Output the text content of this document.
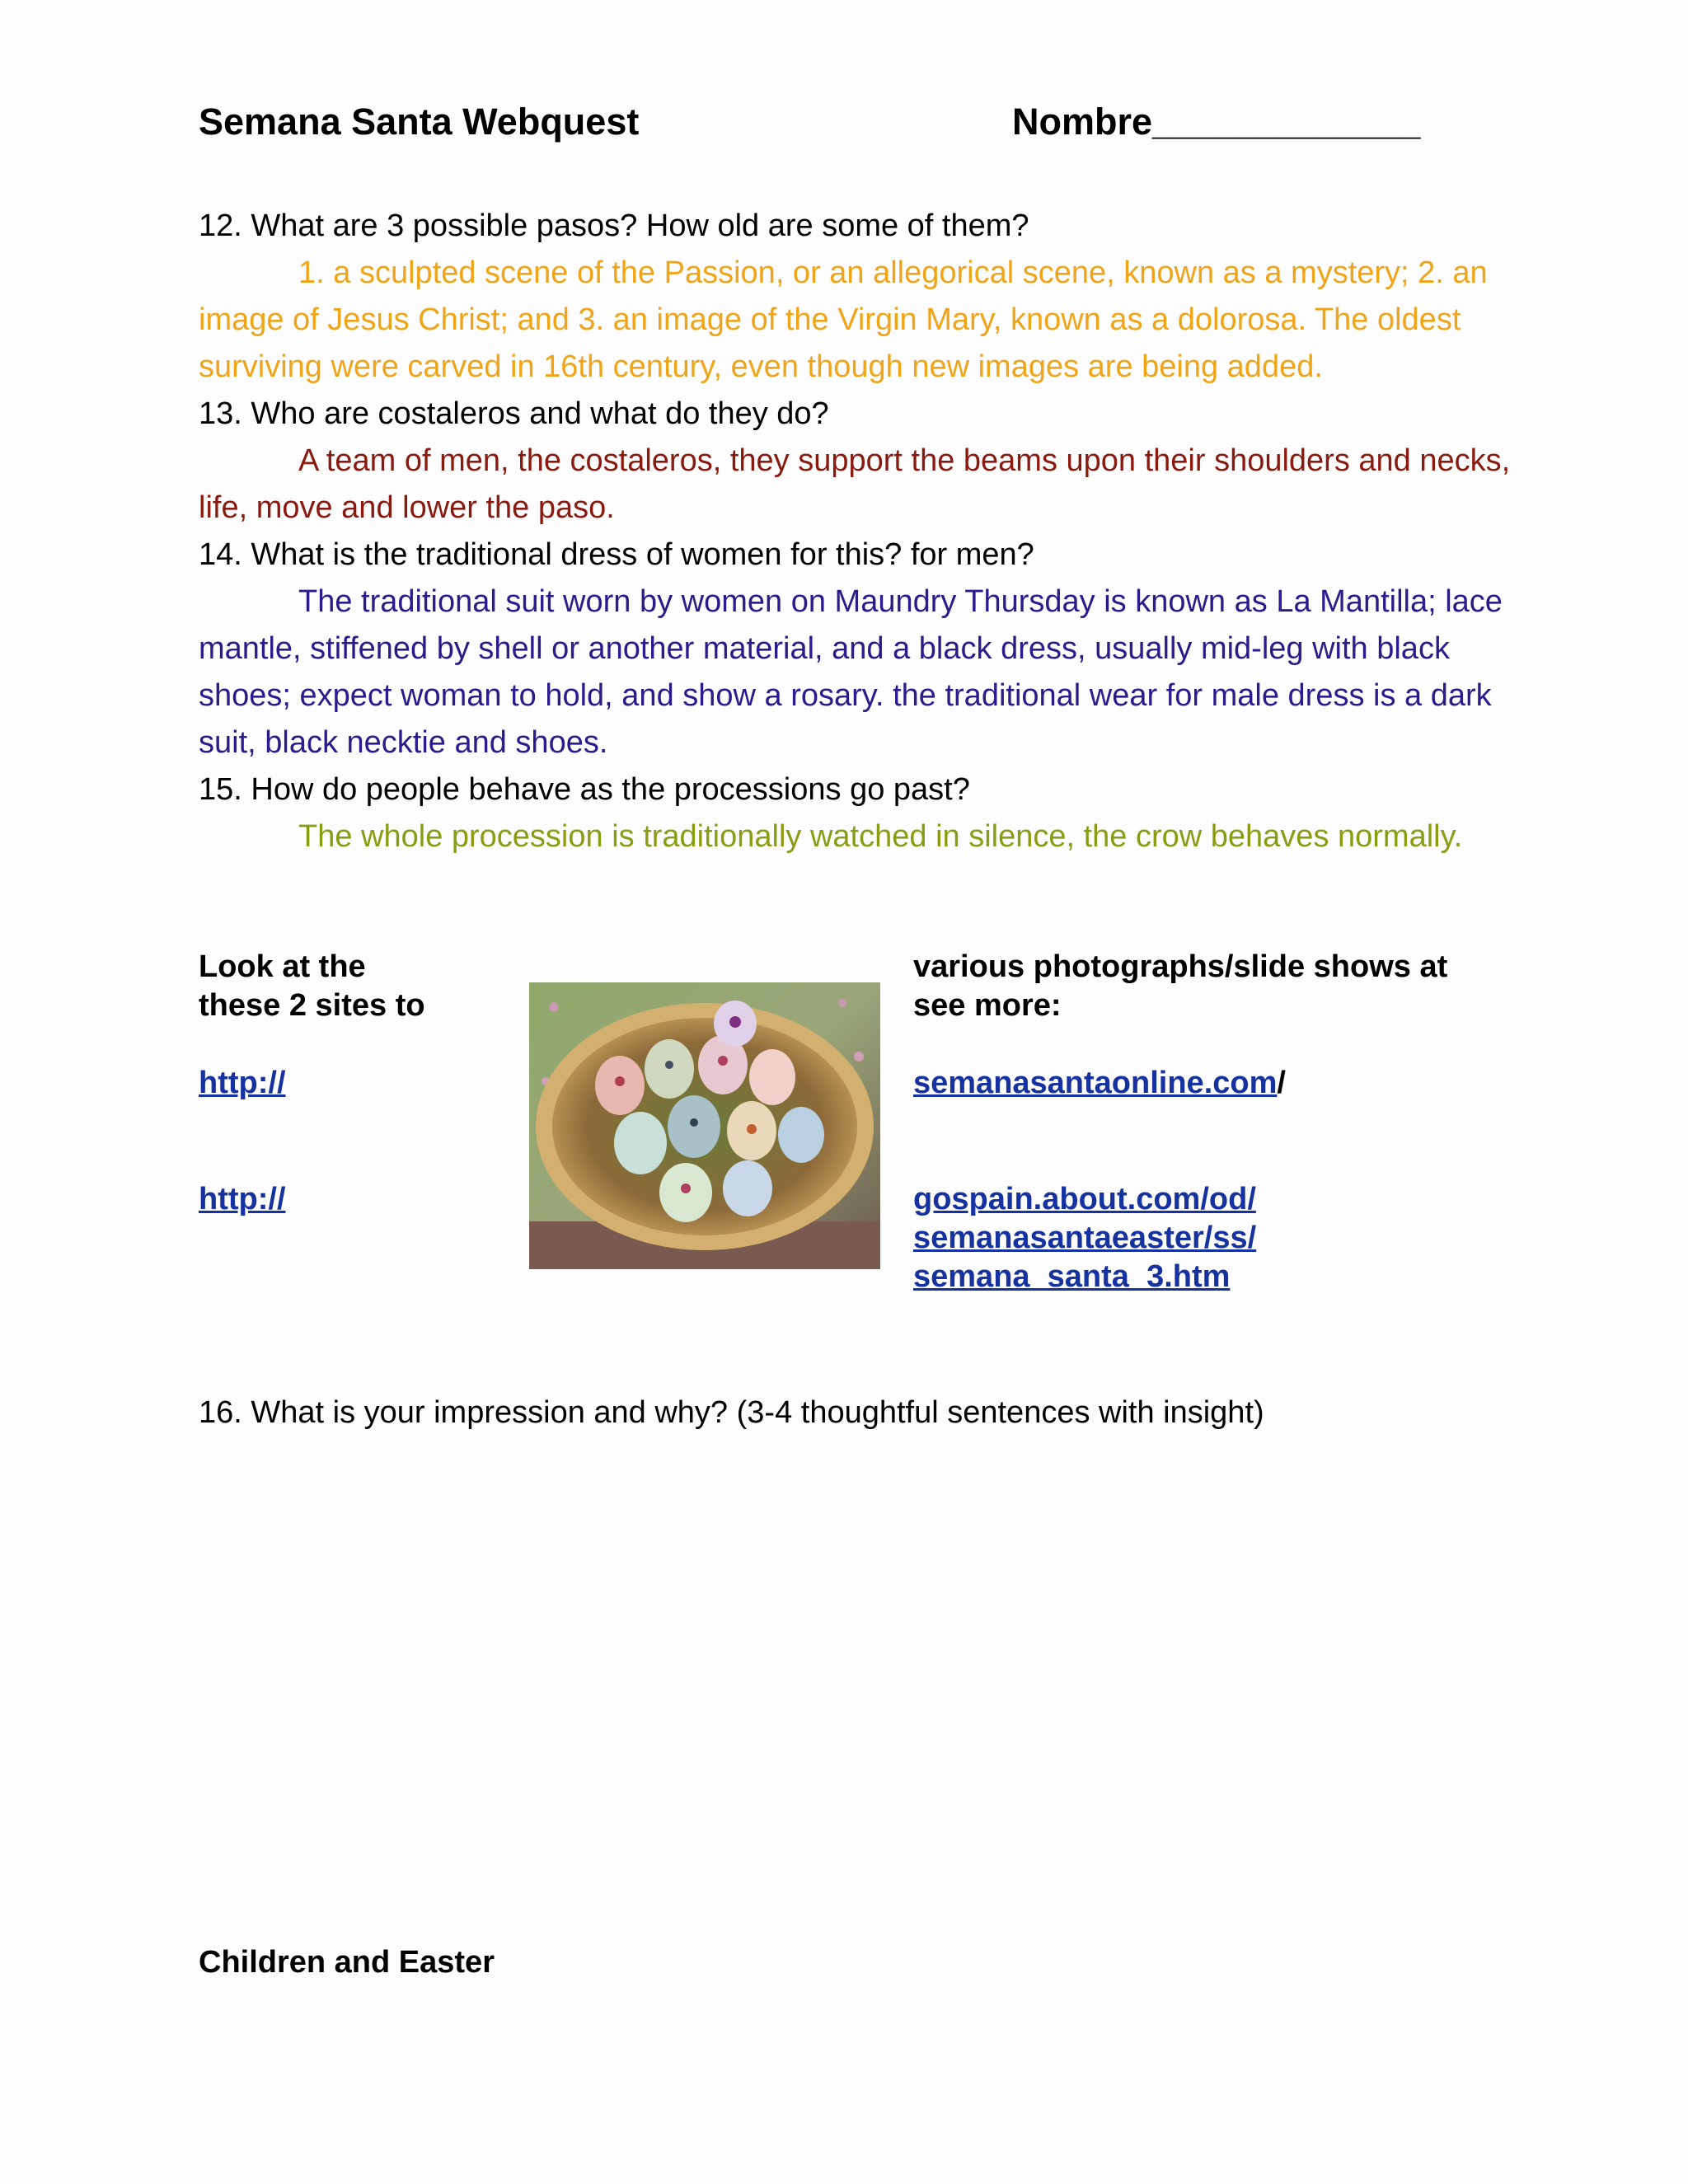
Semana Santa Webquest	Nombre_____________

12. What are 3 possible pasos? How old are some of them?

1. a sculpted scene of the Passion, or an allegorical scene, known as a mystery; 2. an image of Jesus Christ; and 3. an image of the Virgin Mary, known as a dolorosa. The oldest surviving were carved in 16th century, even though new images are being added.

13. Who are costaleros and what do they do?

A team of men, the costaleros, they support the beams upon their shoulders and necks, life, move and lower the paso.

14. What is the traditional dress of women for this? for men?

The traditional suit worn by women on Maundry Thursday is known as La Mantilla; lace mantle, stiffened by shell or another material, and a black dress, usually mid-leg with black shoes; expect woman to hold, and show a rosary. the traditional wear for male dress is a dark suit, black necktie and shoes.

15. How do people behave as the processions go past?

The whole procession is traditionally watched in silence, the crow behaves normally.

Look at the
these 2 sites to
http://
http://
various photographs/slide shows at
see more:
semanasantaonline.com/
gospain.about.com/od/
semanasantaeaster/ss/
semana_santa_3.htm
16. What is your impression and why? (3-4 thoughtful sentences with insight)
Children and Easter
